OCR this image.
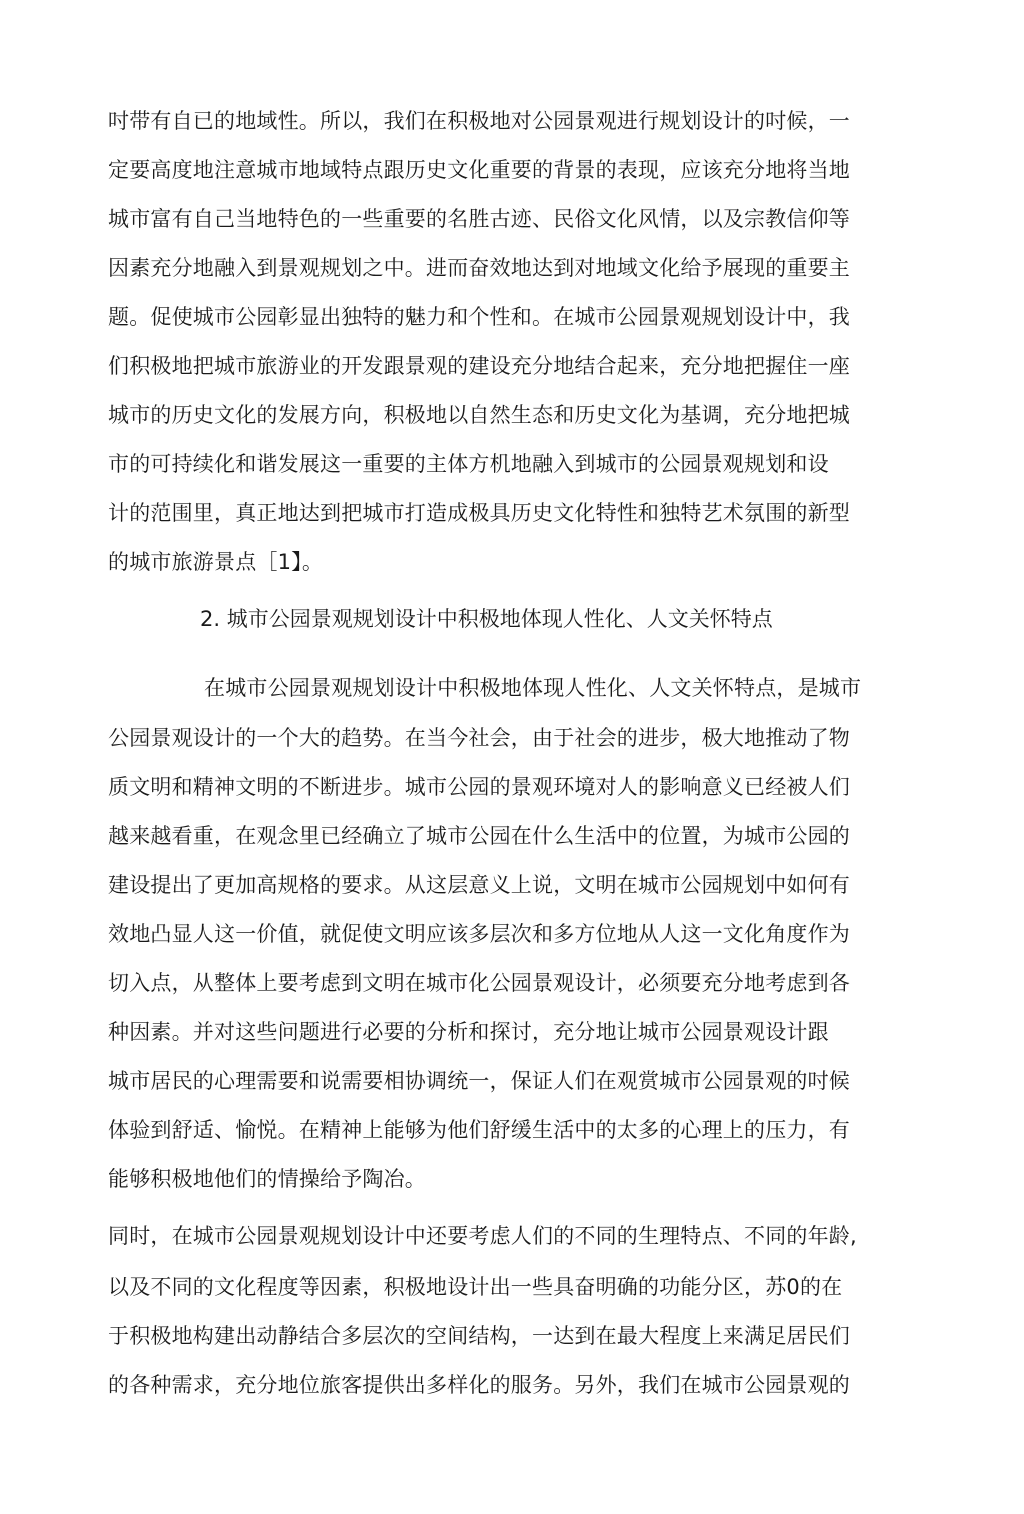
吋带有自已的地域性。所以，我们在积极地对公园景观进行规划设计的吋候，一
定要高度地注意城市地域特点跟历史文化重要的背景的表现，应该充分地将当地
城市富有自己当地特色的一些重要的名胜古迹、民俗文化风情，以及宗教信仰等
因素充分地融入到景观规划之中。进而奋效地达到对地域文化给予展现的重要主
题。促使城市公园彰显出独特的魅力和个性和。在城市公园景观规划设计中，我
们积极地把城市旅游业的开发跟景观的建设充分地结合起来，充分地把握住一座
城市的历史文化的发展方向，积极地以自然生态和历史文化为基调，充分地把城
市的可持续化和谐发展这一重要的主体方机地融入到城市的公园景观规划和设
计的范围里，真正地达到把城市打造成极具历史文化特性和独特艺术氛围的新型
的城市旅游景点［1】。
2. 城市公园景观规划设计中积极地体现人性化、人文关怀特点
在城市公园景观规划设计中积极地体现人性化、人文关怀特点，是城市
公园景观设计的一个大的趋势。在当今社会，由于社会的进步，极大地推动了物
质文明和精神文明的不断进步。城市公园的景观环境对人的影响意义已经被人们
越来越看重，在观念里已经确立了城市公园在什么生活中的位置，为城市公园的
建设提出了更加高规格的要求。从这层意义上说，文明在城市公园规划中如何有
效地凸显人这一价值，就促使文明应该多层次和多方位地从人这一文化角度作为
切入点，从整体上要考虑到文明在城市化公园景观设计，必须要充分地考虑到各
种因素。并对这些问题进行必要的分析和探讨，充分地让城市公园景观设计跟
城市居民的心理需要和说需要相协调统一，保证人们在观赏城市公园景观的吋候
体验到舒适、愉悦。在精神上能够为他们舒缓生活中的太多的心理上的压力，有
能够积极地他们的情操给予陶冶。
同时，在城市公园景观规划设计中还要考虑人们的不同的生理特点、不同的年龄,
以及不同的文化程度等因素，积极地设计出一些具奋明确的功能分区，苏0的在
于积极地构建出动静结合多层次的空间结构，一达到在最大程度上来满足居民们
的各种需求，充分地位旅客提供出多样化的服务。另外，我们在城市公园景观的
